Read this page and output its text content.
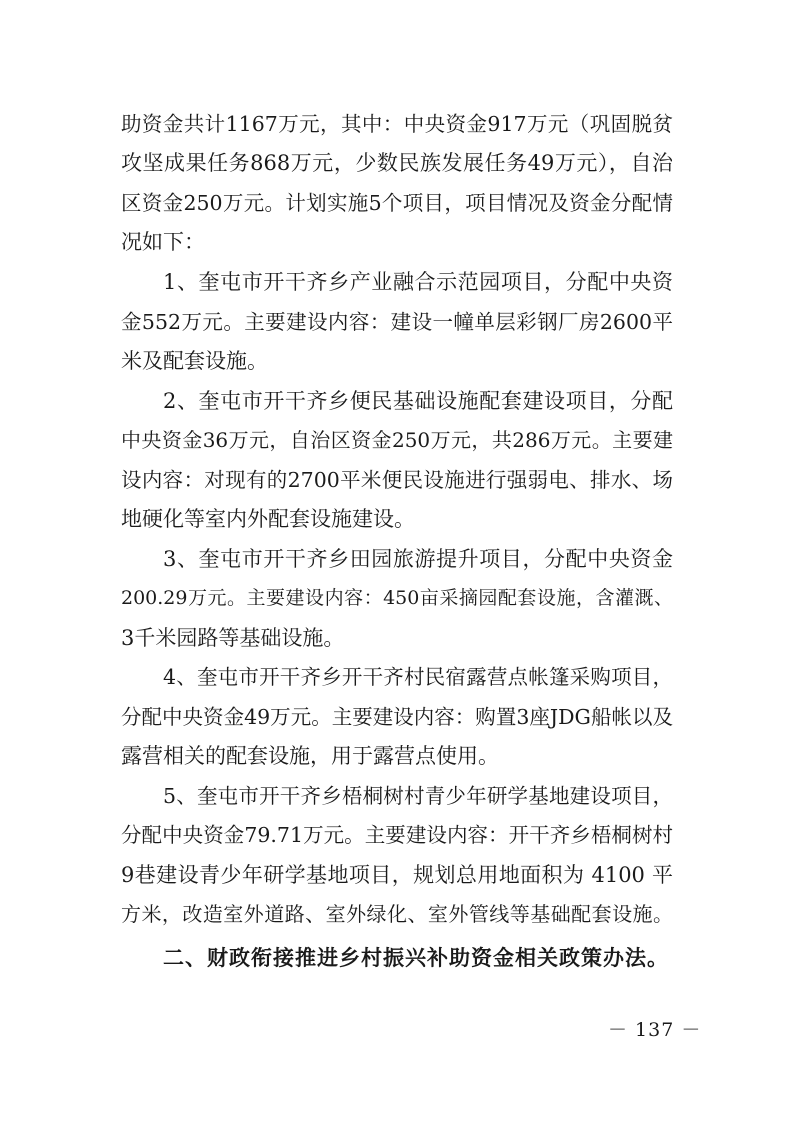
助资金共计1167万元，其中：中央资金917万元（巩固脱贫
攻坚成果任务868万元，少数民族发展任务49万元），自治
区资金250万元。计划实施5个项目，项目情况及资金分配情
况如下：
1、奎屯市开干齐乡产业融合示范园项目，分配中央资
金552万元。主要建设内容：建设一幢单层彩钢厂房2600平
米及配套设施。
2、奎屯市开干齐乡便民基础设施配套建设项目，分配
中央资金36万元，自治区资金250万元，共286万元。主要建
设内容：对现有的2700平米便民设施进行强弱电、排水、场
地硬化等室内外配套设施建设。
3、奎屯市开干齐乡田园旅游提升项目，分配中央资金
200.29万元。主要建设内容：450亩采摘园配套设施，含灌溉、
3千米园路等基础设施。
4、奎屯市开干齐乡开干齐村民宿露营点帐篷采购项目，
分配中央资金49万元。主要建设内容：购置3座JDG船帐以及
露营相关的配套设施，用于露营点使用。
5、奎屯市开干齐乡梧桐树村青少年研学基地建设项目，
分配中央资金79.71万元。主要建设内容：开干齐乡梧桐树村
9巷建设青少年研学基地项目，规划总用地面积为 4100 平
方米，改造室外道路、室外绿化、室外管线等基础配套设施。
二、财政衔接推进乡村振兴补助资金相关政策办法。
－ 137 －
